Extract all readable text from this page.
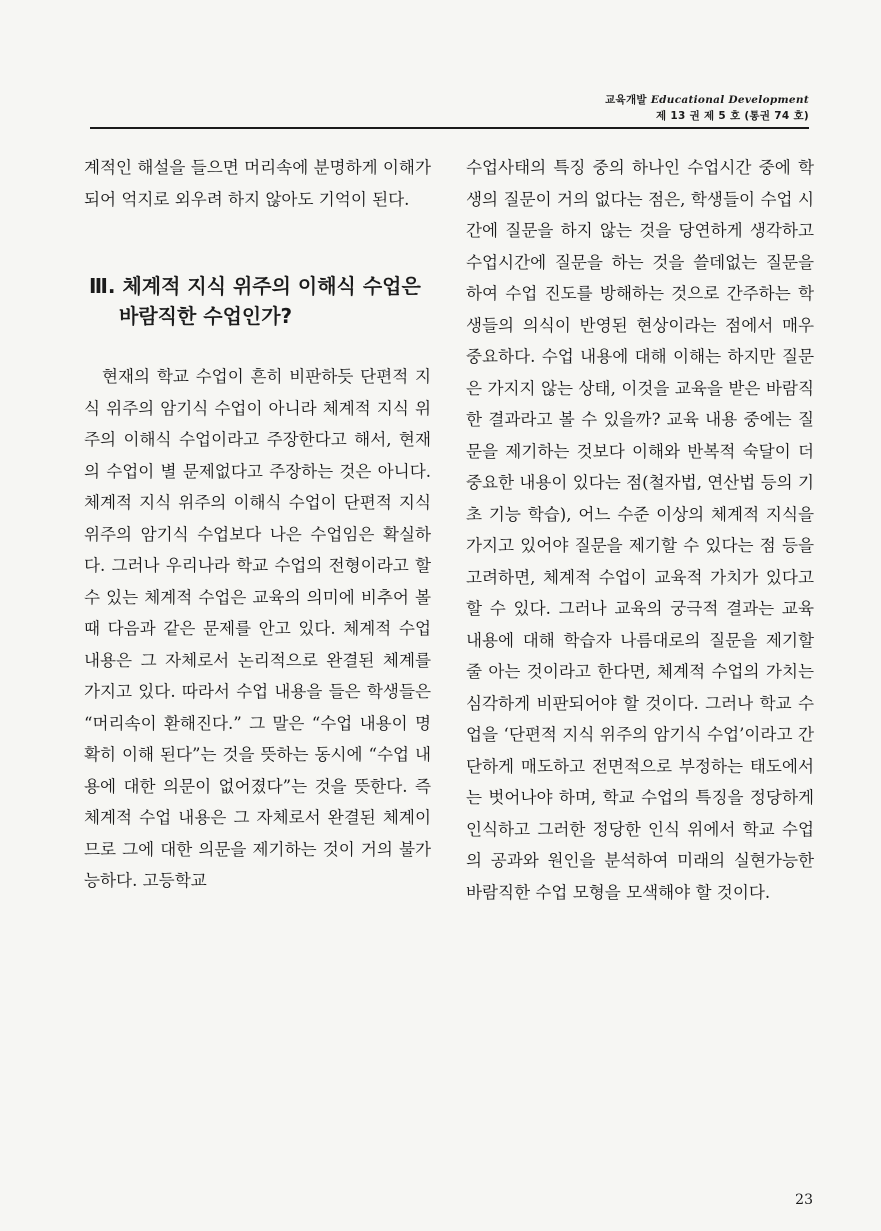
교육개발 Educational Development
제 13 권 제 5 호 (통권 74 호)

계적인 해설을 들으면 머리속에 분명하게 이해가 되어 억지로 외우려 하지 않아도 기억이 된다.

Ⅲ. 체계적 지식 위주의 이해식 수업은 바람직한 수업인가?

현재의 학교 수업이 흔히 비판하듯 단편적 지식 위주의 암기식 수업이 아니라 체계적 지식 위주의 이해식 수업이라고 주장한다고 해서, 현재의 수업이 별 문제없다고 주장하는 것은 아니다. 체계적 지식 위주의 이해식 수업이 단편적 지식 위주의 암기식 수업보다 나은 수업임은 확실하다. 그러나 우리나라 학교 수업의 전형이라고 할 수 있는 체계적 수업은 교육의 의미에 비추어 볼 때 다음과 같은 문제를 안고 있다. 체계적 수업 내용은 그 자체로서 논리적으로 완결된 체계를 가지고 있다. 따라서 수업 내용을 들은 학생들은 “머리속이 환해진다.” 그 말은 “수업 내용이 명확히 이해 된다”는 것을 뜻하는 동시에 “수업 내용에 대한 의문이 없어졌다”는 것을 뜻한다. 즉 체계적 수업 내용은 그 자체로서 완결된 체계이므로 그에 대한 의문을 제기하는 것이 거의 불가능하다. 고등학교

수업사태의 특징 중의 하나인 수업시간 중에 학생의 질문이 거의 없다는 점은, 학생들이 수업 시간에 질문을 하지 않는 것을 당연하게 생각하고 수업시간에 질문을 하는 것을 쓸데없는 질문을 하여 수업 진도를 방해하는 것으로 간주하는 학생들의 의식이 반영된 현상이라는 점에서 매우 중요하다. 수업 내용에 대해 이해는 하지만 질문은 가지지 않는 상태, 이것을 교육을 받은 바람직한 결과라고 볼 수 있을까? 교육 내용 중에는 질문을 제기하는 것보다 이해와 반복적 숙달이 더 중요한 내용이 있다는 점(철자법, 연산법 등의 기초 기능 학습), 어느 수준 이상의 체계적 지식을 가지고 있어야 질문을 제기할 수 있다는 점 등을 고려하면, 체계적 수업이 교육적 가치가 있다고 할 수 있다. 그러나 교육의 궁극적 결과는 교육 내용에 대해 학습자 나름대로의 질문을 제기할 줄 아는 것이라고 한다면, 체계적 수업의 가치는 심각하게 비판되어야 할 것이다. 그러나 학교 수업을 ‘단편적 지식 위주의 암기식 수업’이라고 간단하게 매도하고 전면적으로 부정하는 태도에서는 벗어나야 하며, 학교 수업의 특징을 정당하게 인식하고 그러한 정당한 인식 위에서 학교 수업의 공과와 원인을 분석하여 미래의 실현가능한 바람직한 수업 모형을 모색해야 할 것이다.

23
